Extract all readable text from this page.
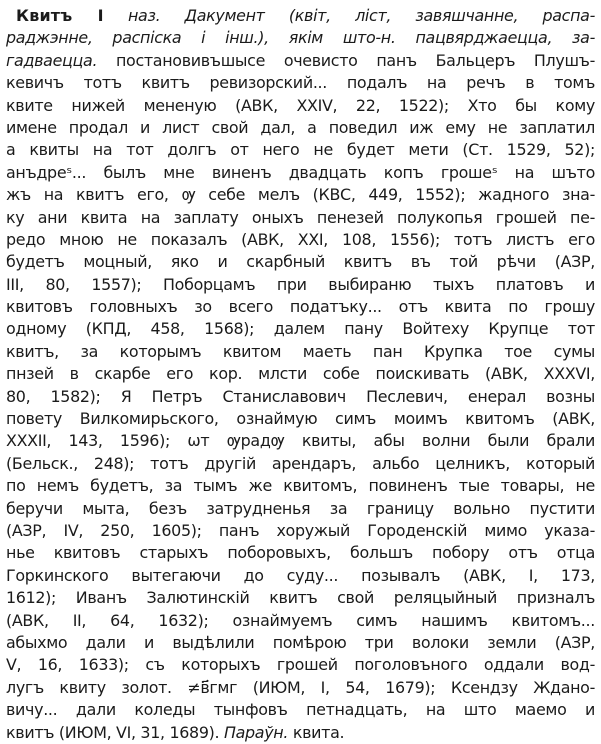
Квитъ I наз. Дакумент (квіт, ліст, завяшчанне, распа-
раджэнне, распіска і інш.), якім што-н. пацвярджаецца, за-
гадваецца. постановивъшысе очевисто панъ Бальцеръ Плушъ-
кевичъ тотъ квитъ ревизорский... подалъ на речъ в томъ
квите нижей мененую (АВК, XXIV, 22, 1522); Хто бы кому
имене продал и лист свой дал, а поведил иж ему не заплатил
а квиты на тот долгъ от него не будет мети (Ст. 1529, 52);
анъдреˢ... былъ мне виненъ двадцать копъ грошеˢ на шъто
жъ на квитъ его, ѹ себе мелъ (КВС, 449, 1552); жадного зна-
ку ани квита на заплату оныхъ пенезей полукопья грошей пе-
редо мною не показалъ (АВК, XXI, 108, 1556); тотъ листъ его
будетъ моцный, яко и скарбный квитъ въ той рѣчи (АЗР,
III, 80, 1557); Поборцамъ при выбираню тыхъ платовъ и
квитовъ головныхъ зо всего податъку... отъ квита по грошу
одному (КПД, 458, 1568); далем пану Войтеху Крупце тот
квитъ, за которымъ квитом маеть пан Крупка тое сумы
пнзей в скарбе его кор. млсти собе поискивать (АВК, XXXVI,
80, 1582); Я Петръ Станиславович Песлевич, енерал возны
повету Вилкомирьского, ознаймую симъ моимъ квитомъ (АВК,
XXXII, 143, 1596); ѡт ѹрадѹ квиты, абы волни были брали
(Бельск., 248); тотъ другiй арендаръ, альбо целникъ, который
по немъ будетъ, за тымъ же квитомъ, повиненъ тые товары, не
беручи мыта, безъ затрудненья за границу вольно пустити
(АЗР, IV, 250, 1605); панъ хоружый Городенскiй мимо указа-
нье квитовъ старыхъ поборовыхъ, большъ побору отъ отца
Горкинского вытегаючи до суду... позывалъ (АВК, I, 173,
1612); Иванъ Залютинскiй квитъ свой реляцыйный призналъ
(АВК, II, 64, 1632); ознаймуемъ симъ нашимъ квитомъ...
абыхмо дали и выдѣлили помѣрою три волоки земли (АЗР,
V, 16, 1633); съ которыхъ грошей поголовъного оддали вод-
лугъ квиту золот. ≠в҃гмг (ИЮМ, I, 54, 1679); Ксендзу Ждано-
вичу... дали коледы тынфовъ петнадцать, на што маемо и
квитъ (ИЮМ, VI, 31, 1689). Параўн. квита.
